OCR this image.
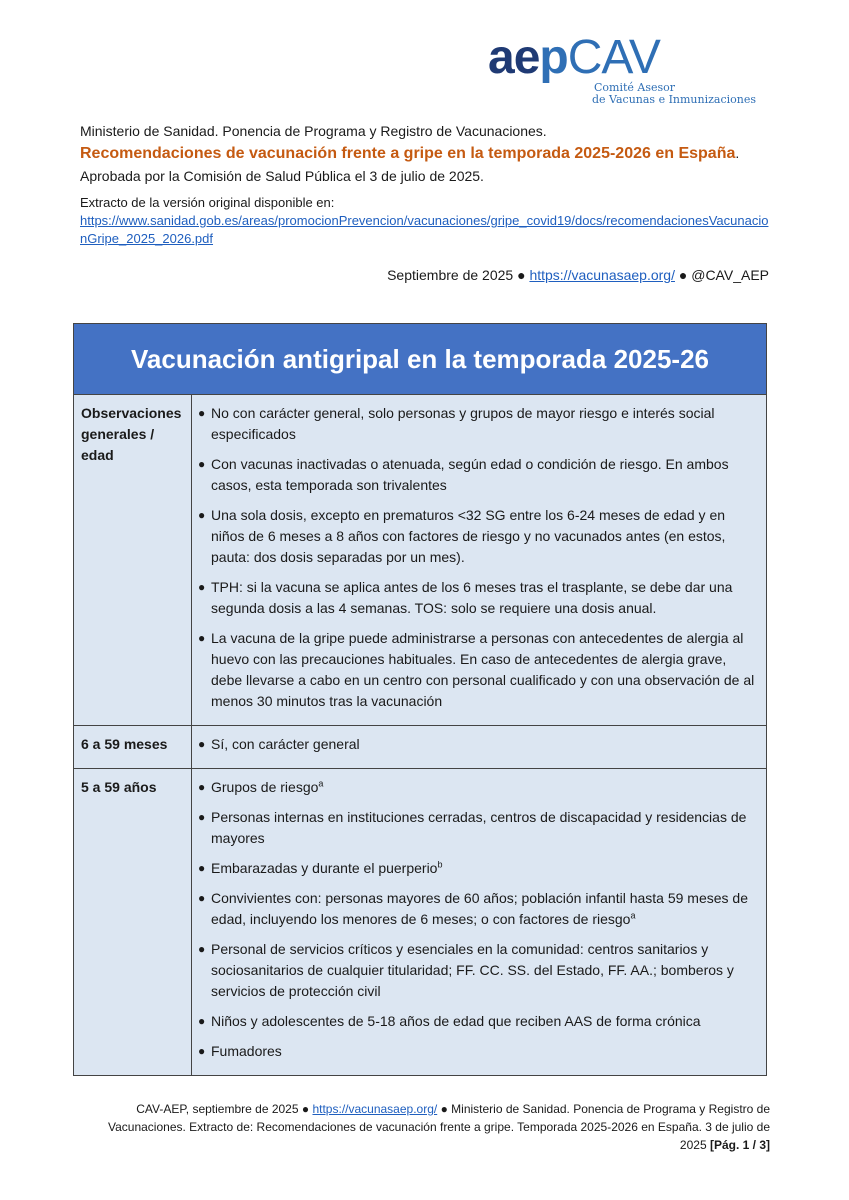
aepCAV
Comité Asesor
de Vacunas e Inmunizaciones
Ministerio de Sanidad. Ponencia de Programa y Registro de Vacunaciones.
Recomendaciones de vacunación frente a gripe en la temporada 2025-2026 en España. Aprobada por la Comisión de Salud Pública el 3 de julio de 2025.
Extracto de la versión original disponible en:
https://www.sanidad.gob.es/areas/promocionPrevencion/vacunaciones/gripe_covid19/docs/recomendacionesVacunacionGripe_2025_2026.pdf
Septiembre de 2025 ● https://vacunasaep.org/ ● @CAV_AEP
Vacunación antigripal en la temporada 2025-26
Observaciones generales / edad
● No con carácter general, solo personas y grupos de mayor riesgo e interés social especificados
● Con vacunas inactivadas o atenuada, según edad o condición de riesgo. En ambos casos, esta temporada son trivalentes
● Una sola dosis, excepto en prematuros <32 SG entre los 6-24 meses de edad y en niños de 6 meses a 8 años con factores de riesgo y no vacunados antes (en estos, pauta: dos dosis separadas por un mes).
● TPH: si la vacuna se aplica antes de los 6 meses tras el trasplante, se debe dar una segunda dosis a las 4 semanas. TOS: solo se requiere una dosis anual.
● La vacuna de la gripe puede administrarse a personas con antecedentes de alergia al huevo con las precauciones habituales. En caso de antecedentes de alergia grave, debe llevarse a cabo en un centro con personal cualificado y con una observación de al menos 30 minutos tras la vacunación
6 a 59 meses	● Sí, con carácter general
5 a 59 años	● Grupos de riesgo$^a$
● Personas internas en instituciones cerradas, centros de discapacidad y residencias de mayores
● Embarazadas y durante el puerperio$^b$
● Convivientes con: personas mayores de 60 años; población infantil hasta 59 meses de edad, incluyendo los menores de 6 meses; o con factores de riesgo$^a$
● Personal de servicios críticos y esenciales en la comunidad: centros sanitarios y sociosanitarios de cualquier titularidad; FF. CC. SS. del Estado, FF. AA.; bomberos y servicios de protección civil
● Niños y adolescentes de 5-18 años de edad que reciben AAS de forma crónica
● Fumadores
CAV-AEP, septiembre de 2025 ● https://vacunasaep.org/ ● Ministerio de Sanidad. Ponencia de Programa y Registro de Vacunaciones. Extracto de: Recomendaciones de vacunación frente a gripe. Temporada 2025-2026 en España. 3 de julio de 2025 [Pág. 1 / 3]
